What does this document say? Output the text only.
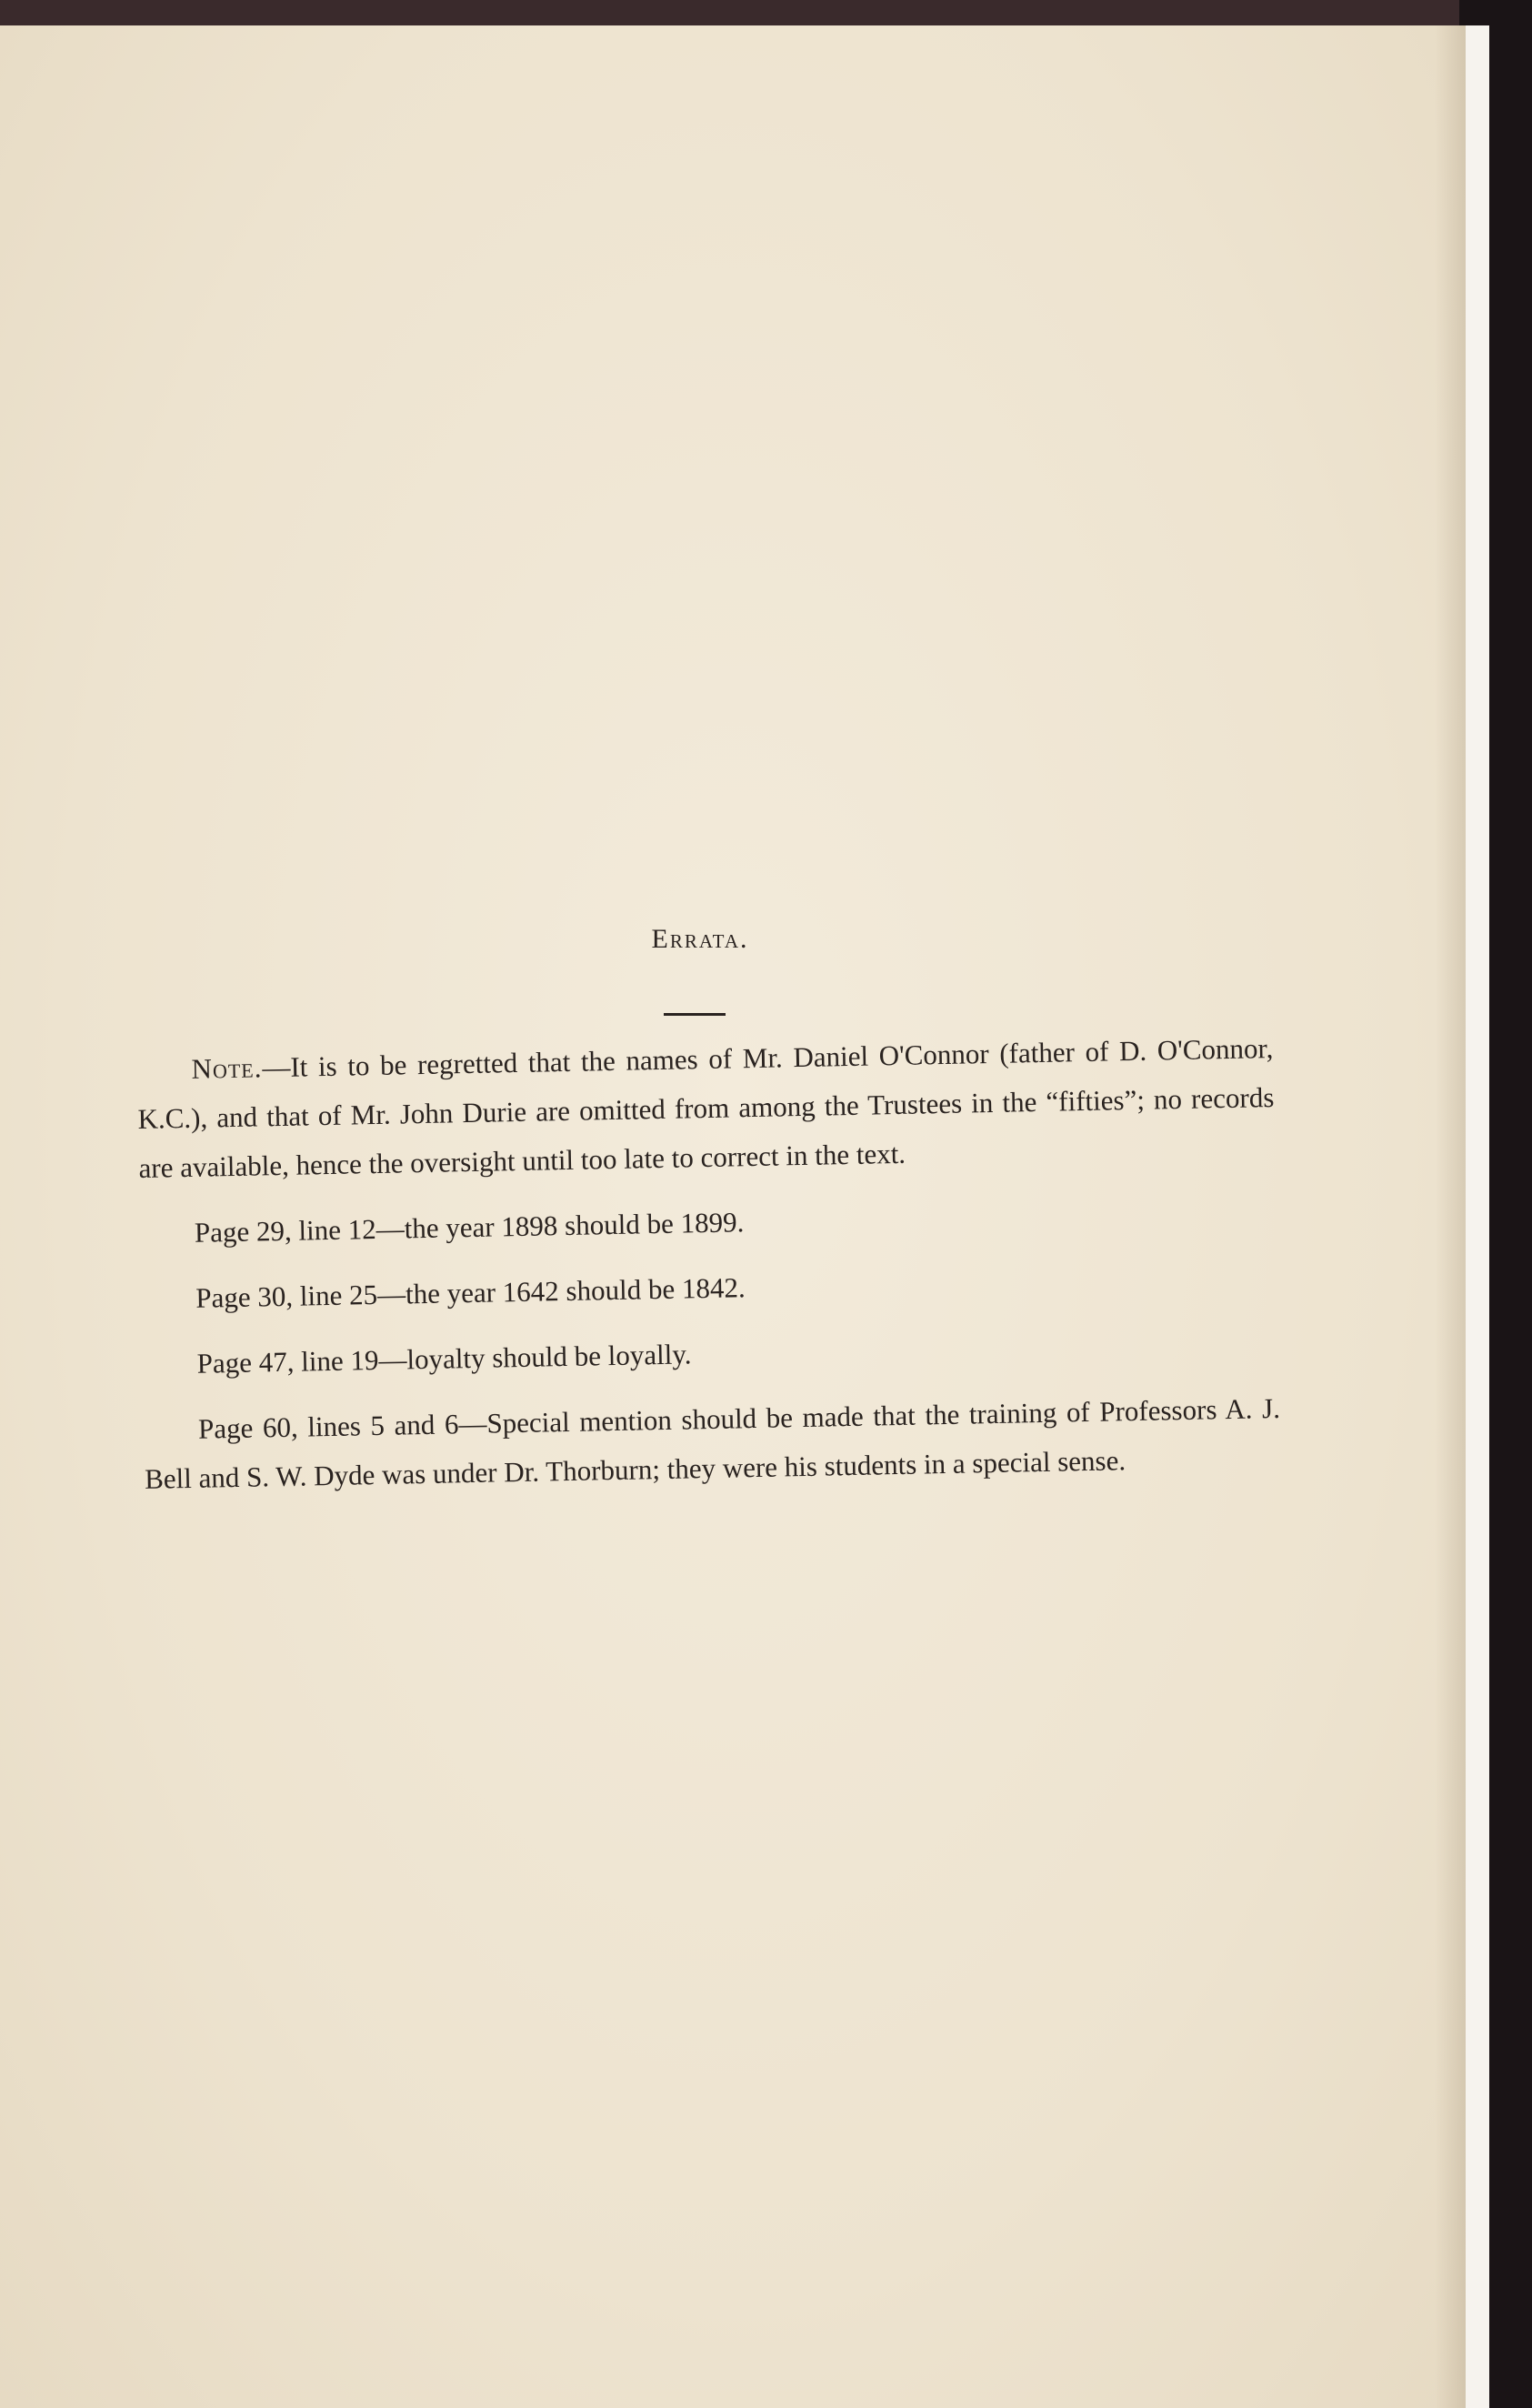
Errata.

Note.—It is to be regretted that the names of Mr. Daniel O'Connor (father of D. O'Connor, K.C.), and that of Mr. John Durie are omitted from among the Trustees in the “fifties”; no records are available, hence the oversight until too late to correct in the text.

Page 29, line 12—the year 1898 should be 1899.

Page 30, line 25—the year 1642 should be 1842.

Page 47, line 19—loyalty should be loyally.

Page 60, lines 5 and 6—Special mention should be made that the training of Professors A. J. Bell and S. W. Dyde was under Dr. Thorburn; they were his students in a special sense.
